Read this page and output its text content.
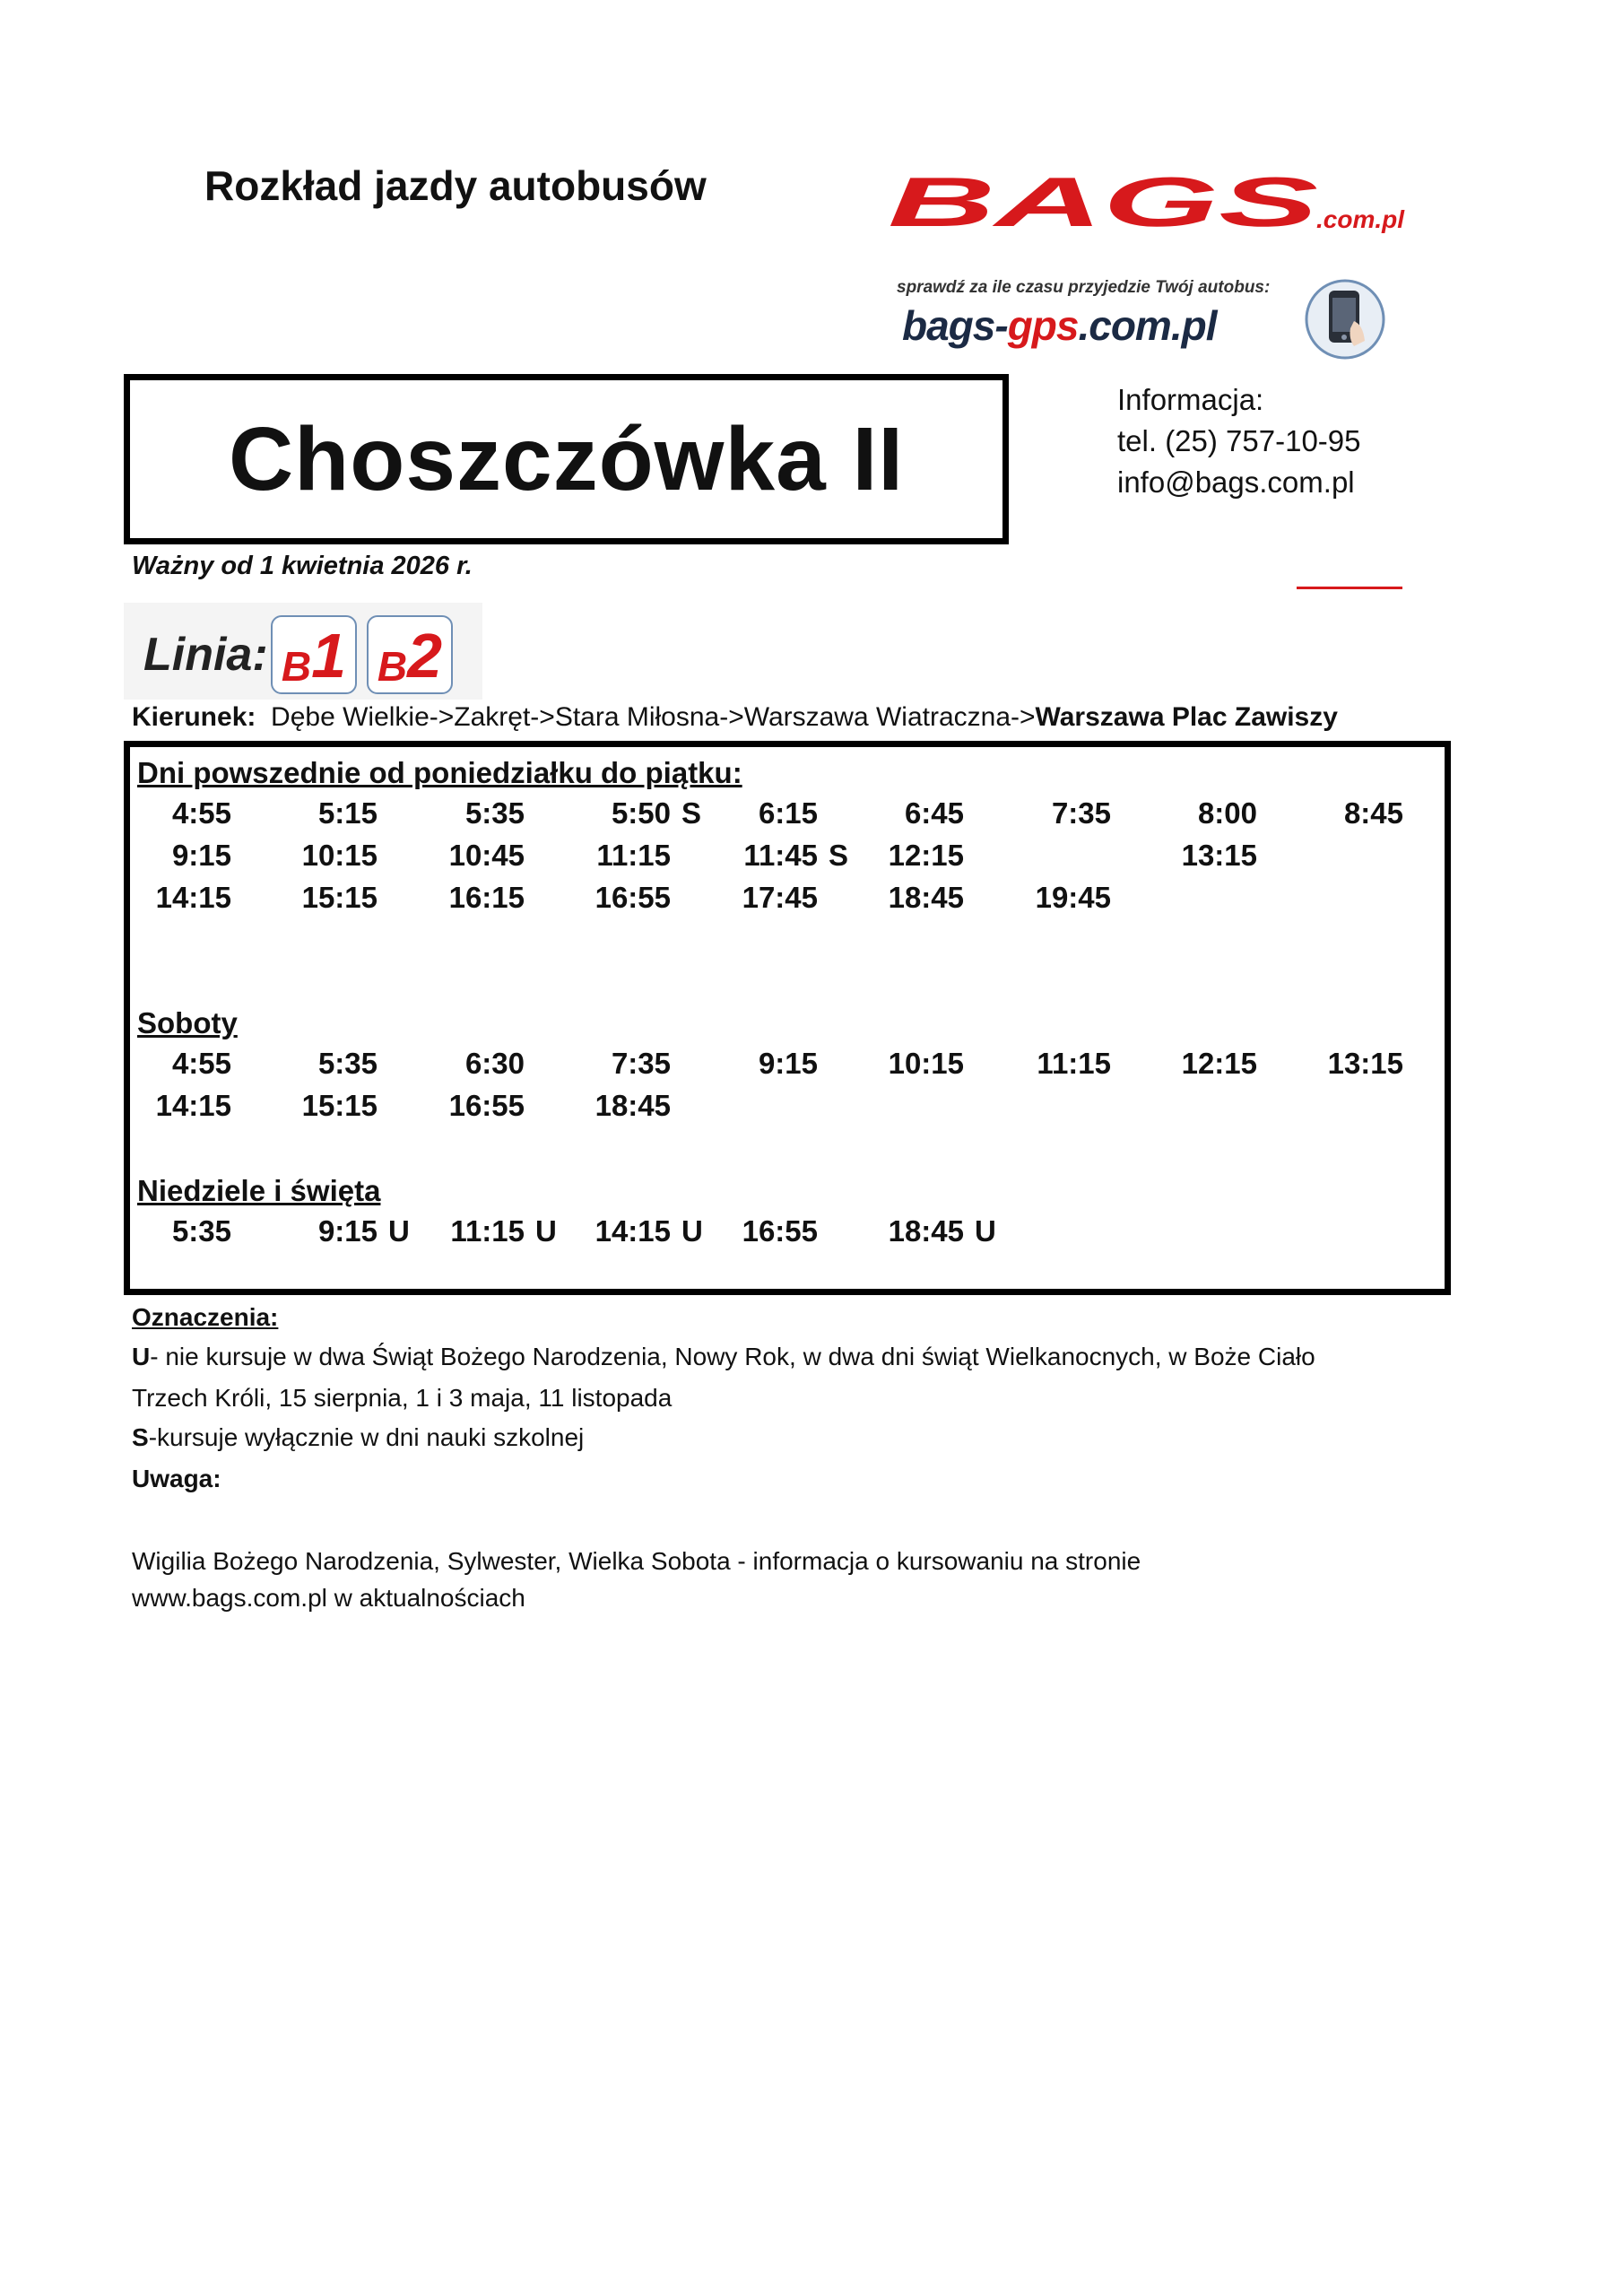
Rozkład jazdy autobusów	BAGS
.com.pl
sprawdź za ile czasu przyjedzie Twój autobus:
bags-gps.com.pl
Choszczówka II
Informacja:
tel. (25) 757-10-95
info@bags.com.pl
Ważny od 1 kwietnia 2026 r.
Linia: B 1 B 2
Kierunek: Dębe Wielkie->Zakręt->Stara Miłosna->Warszawa Wiatraczna->Warszawa Plac Zawiszy
Dni powszednie od poniedziałku do piątku:
Soboty
Niedziele i święta
4:55	5:15	5:35	5:50 S 6:15	6:45	7:35	8:00	8:45
9:15 10:15 10:45 11:15 11:45 S 12:15	13:15
14:15 15:15 16:15 16:55 17:45 18:45 19:45
4:55	5:35	6:30	7:35	9:15 10:15 11:15 12:15 13:15
14:15 15:15 16:55 18:45
5:35	9:15 U 11:15 U 14:15 U 16:55 18:45 U
Oznaczenia:
U- nie kursuje w dwa Świąt Bożego Narodzenia, Nowy Rok, w dwa dni świąt Wielkanocnych, w Boże Ciało
Trzech Króli, 15 sierpnia, 1 i 3 maja, 11 listopada
S-kursuje wyłącznie w dni nauki szkolnej
Uwaga:
Wigilia Bożego Narodzenia, Sylwester, Wielka Sobota - informacja o kursowaniu na stronie
www.bags.com.pl w aktualnościach
